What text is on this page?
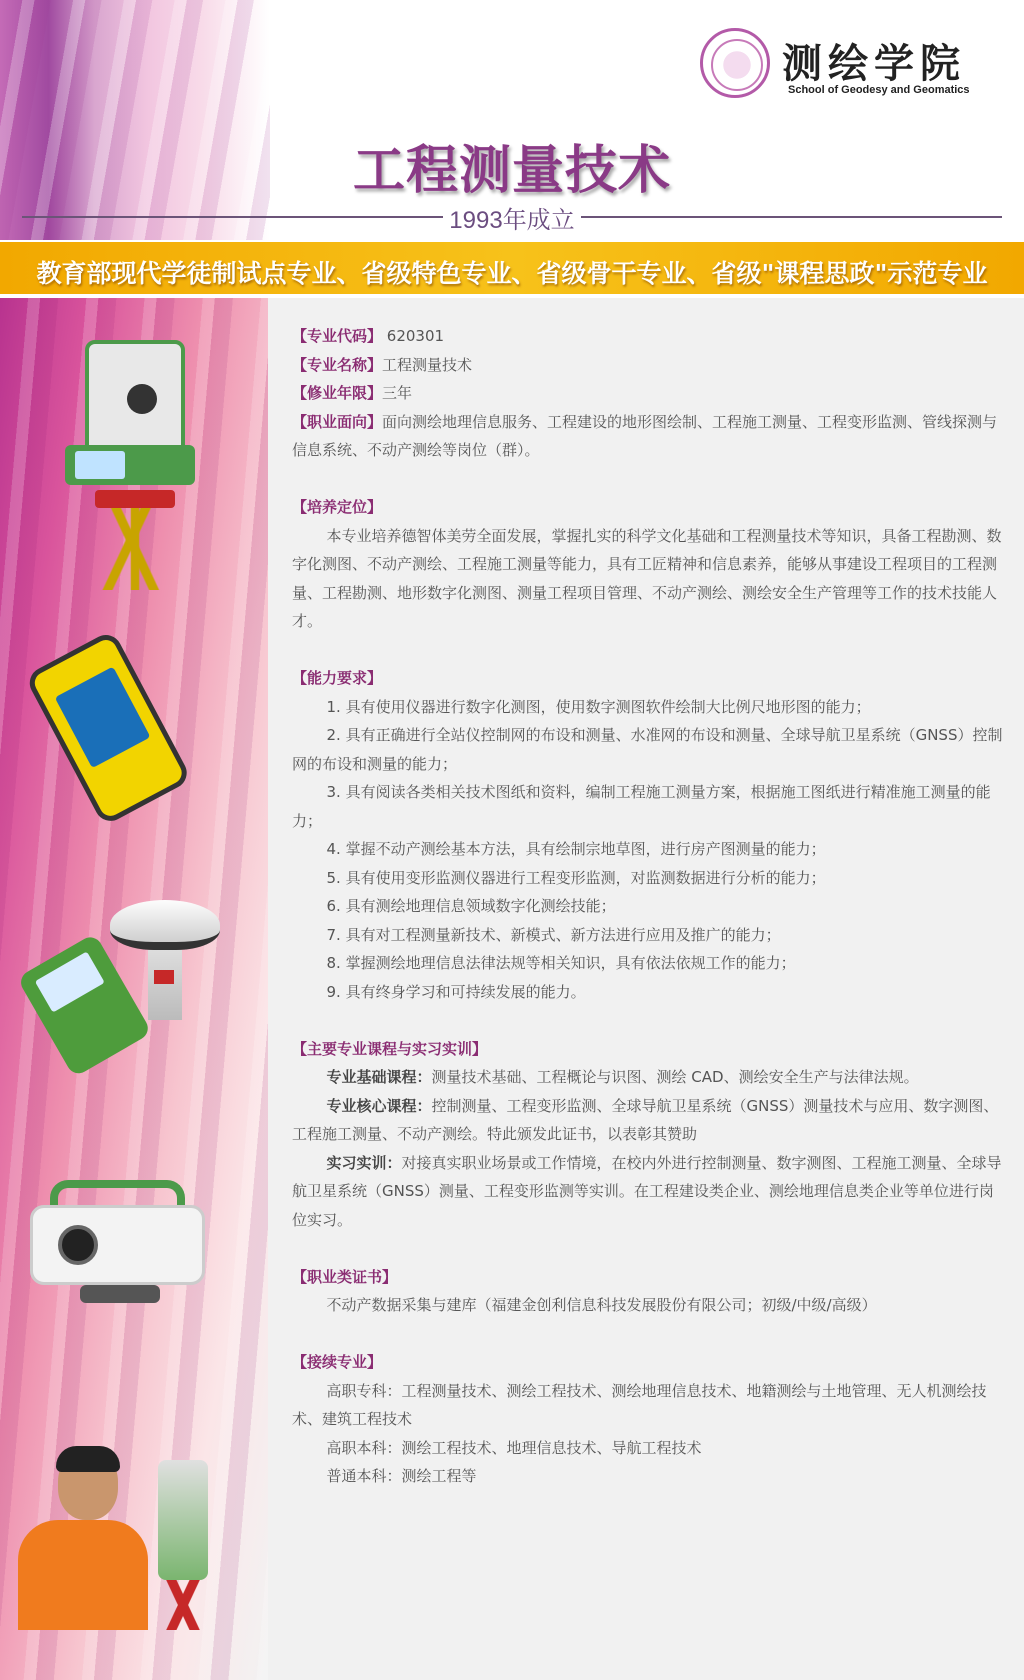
测绘学院
School of Geodesy and Geomatics
工程测量技术
1993年成立
教育部现代学徒制试点专业、省级特色专业、省级骨干专业、省级"课程思政"示范专业

【专业代码】 620301

【专业名称】工程测量技术

【修业年限】三年

【职业面向】面向测绘地理信息服务、工程建设的地形图绘制、工程施工测量、工程变形监测、管线探测与信息系统、不动产测绘等岗位（群）。

【培养定位】

本专业培养德智体美劳全面发展，掌握扎实的科学文化基础和工程测量技术等知识，具备工程勘测、数字化测图、不动产测绘、工程施工测量等能力，具有工匠精神和信息素养，能够从事建设工程项目的工程测量、工程勘测、地形数字化测图、测量工程项目管理、不动产测绘、测绘安全生产管理等工作的技术技能人才。

【能力要求】

1. 具有使用仪器进行数字化测图，使用数字测图软件绘制大比例尺地形图的能力；

2. 具有正确进行全站仪控制网的布设和测量、水准网的布设和测量、全球导航卫星系统（GNSS）控制网的布设和测量的能力；

3. 具有阅读各类相关技术图纸和资料，编制工程施工测量方案，根据施工图纸进行精准施工测量的能力；

4. 掌握不动产测绘基本方法，具有绘制宗地草图，进行房产图测量的能力；

5. 具有使用变形监测仪器进行工程变形监测，对监测数据进行分析的能力；

6. 具有测绘地理信息领域数字化测绘技能；

7. 具有对工程测量新技术、新模式、新方法进行应用及推广的能力；

8. 掌握测绘地理信息法律法规等相关知识，具有依法依规工作的能力；

9. 具有终身学习和可持续发展的能力。

【主要专业课程与实习实训】

专业基础课程：测量技术基础、工程概论与识图、测绘 CAD、测绘安全生产与法律法规。

专业核心课程：控制测量、工程变形监测、全球导航卫星系统（GNSS）测量技术与应用、数字测图、工程施工测量、不动产测绘。特此颁发此证书，以表彰其赞助

实习实训：对接真实职业场景或工作情境，在校内外进行控制测量、数字测图、工程施工测量、全球导航卫星系统（GNSS）测量、工程变形监测等实训。在工程建设类企业、测绘地理信息类企业等单位进行岗位实习。

【职业类证书】

不动产数据采集与建库（福建金创利信息科技发展股份有限公司；初级/中级/高级）

【接续专业】

高职专科：工程测量技术、测绘工程技术、测绘地理信息技术、地籍测绘与土地管理、无人机测绘技术、建筑工程技术

高职本科：测绘工程技术、地理信息技术、导航工程技术

普通本科：测绘工程等
